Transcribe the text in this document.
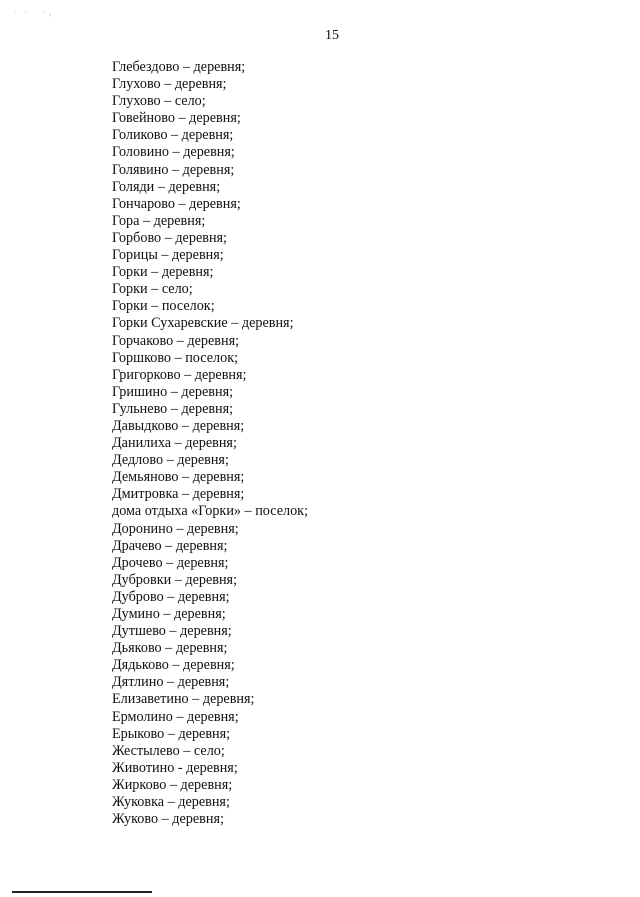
˙ '   '›
15
Глебездово – деревня;
Глухово – деревня;
Глухово – село;
Говейново – деревня;
Голиково – деревня;
Головино – деревня;
Голявино – деревня;
Голяди – деревня;
Гончарово – деревня;
Гора – деревня;
Горбово – деревня;
Горицы – деревня;
Горки – деревня;
Горки – село;
Горки – поселок;
Горки Сухаревские – деревня;
Горчаково – деревня;
Горшково – поселок;
Григорково – деревня;
Гришино – деревня;
Гульнево – деревня;
Давыдково – деревня;
Данилиха – деревня;
Дедлово – деревня;
Демьяново – деревня;
Дмитровка – деревня;
дома отдыха «Горки» – поселок;
Доронино – деревня;
Драчево – деревня;
Дрочево – деревня;
Дубровки – деревня;
Дуброво – деревня;
Думино – деревня;
Дутшево – деревня;
Дьяково – деревня;
Дядьково – деревня;
Дятлино – деревня;
Елизаветино – деревня;
Ермолино – деревня;
Ерыково – деревня;
Жестылево – село;
Животино - деревня;
Жирково – деревня;
Жуковка – деревня;
Жуково – деревня;
